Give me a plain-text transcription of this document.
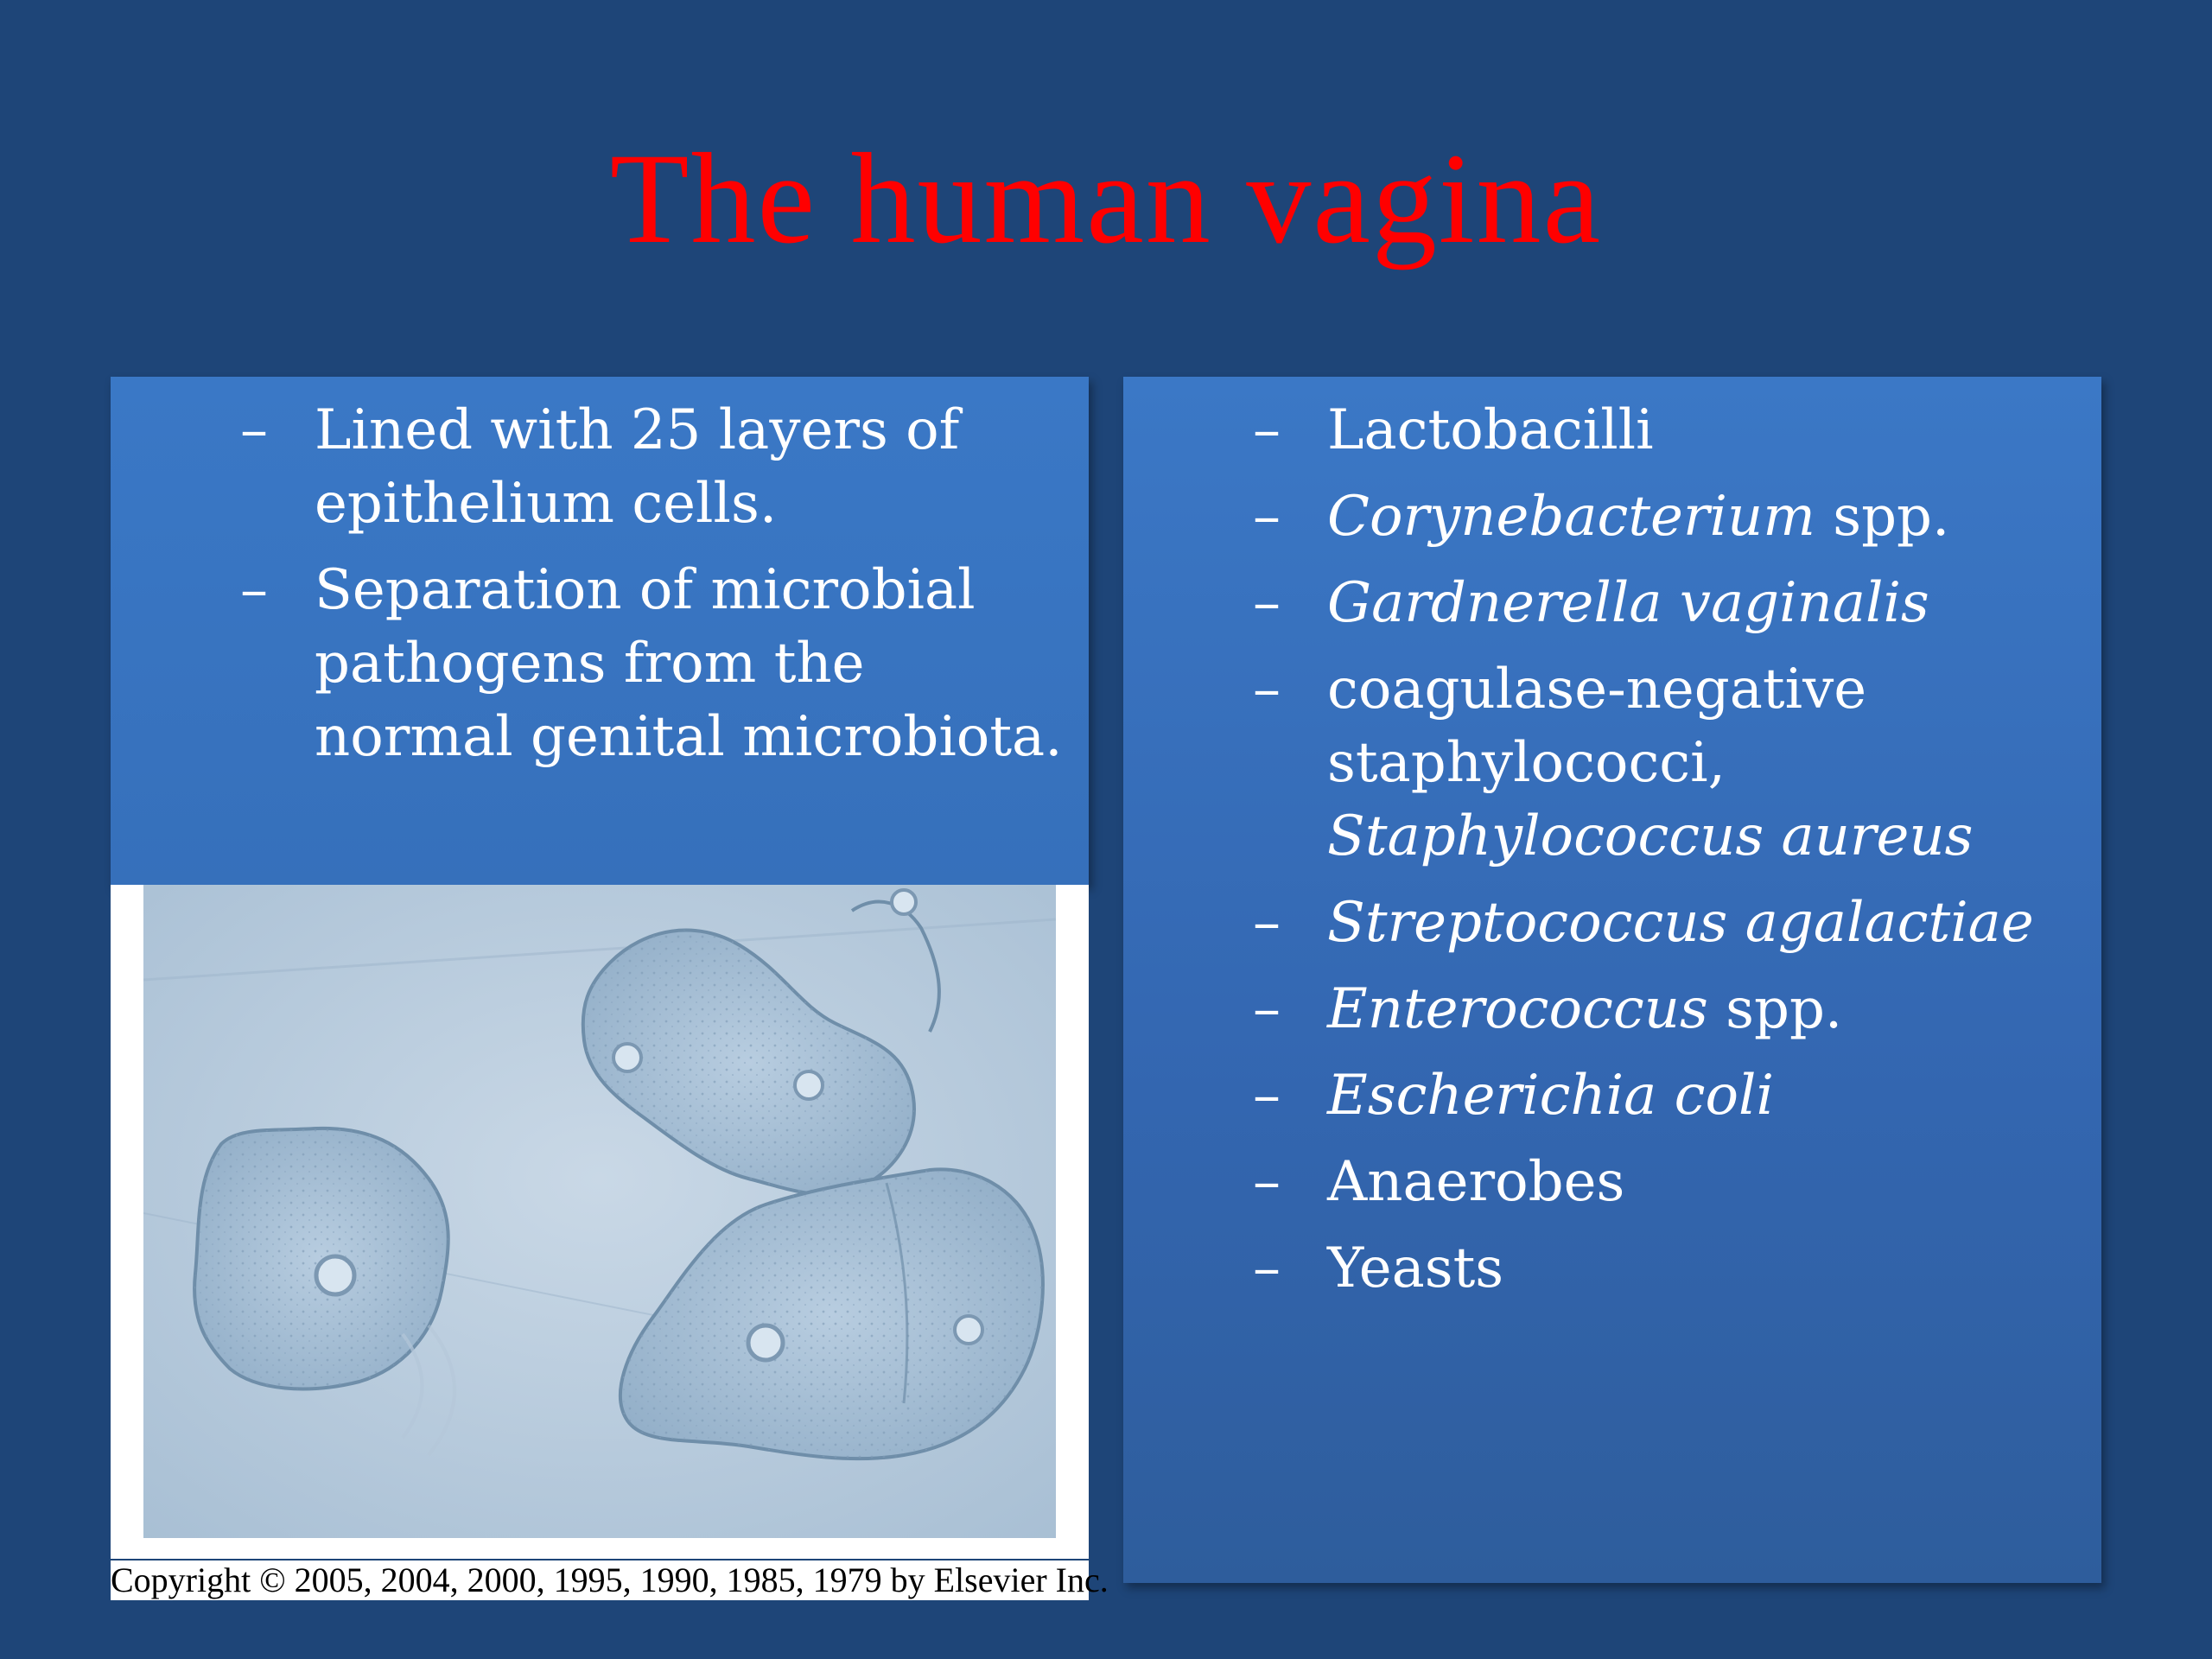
The human vagina
– Lined with 25 layers of epithelium cells.
– Separation of microbial pathogens from the normal genital microbiota.
Copyright © 2005, 2004, 2000, 1995, 1990, 1985, 1979 by Elsevier Inc.
– Lactobacilli
– Corynebacterium spp.
– Gardnerella vaginalis
– coagulase-negative staphylococci, Staphylococcus aureus
– Streptococcus agalactiae
– Enterococcus spp.
– Escherichia coli
– Anaerobes
– Yeasts
